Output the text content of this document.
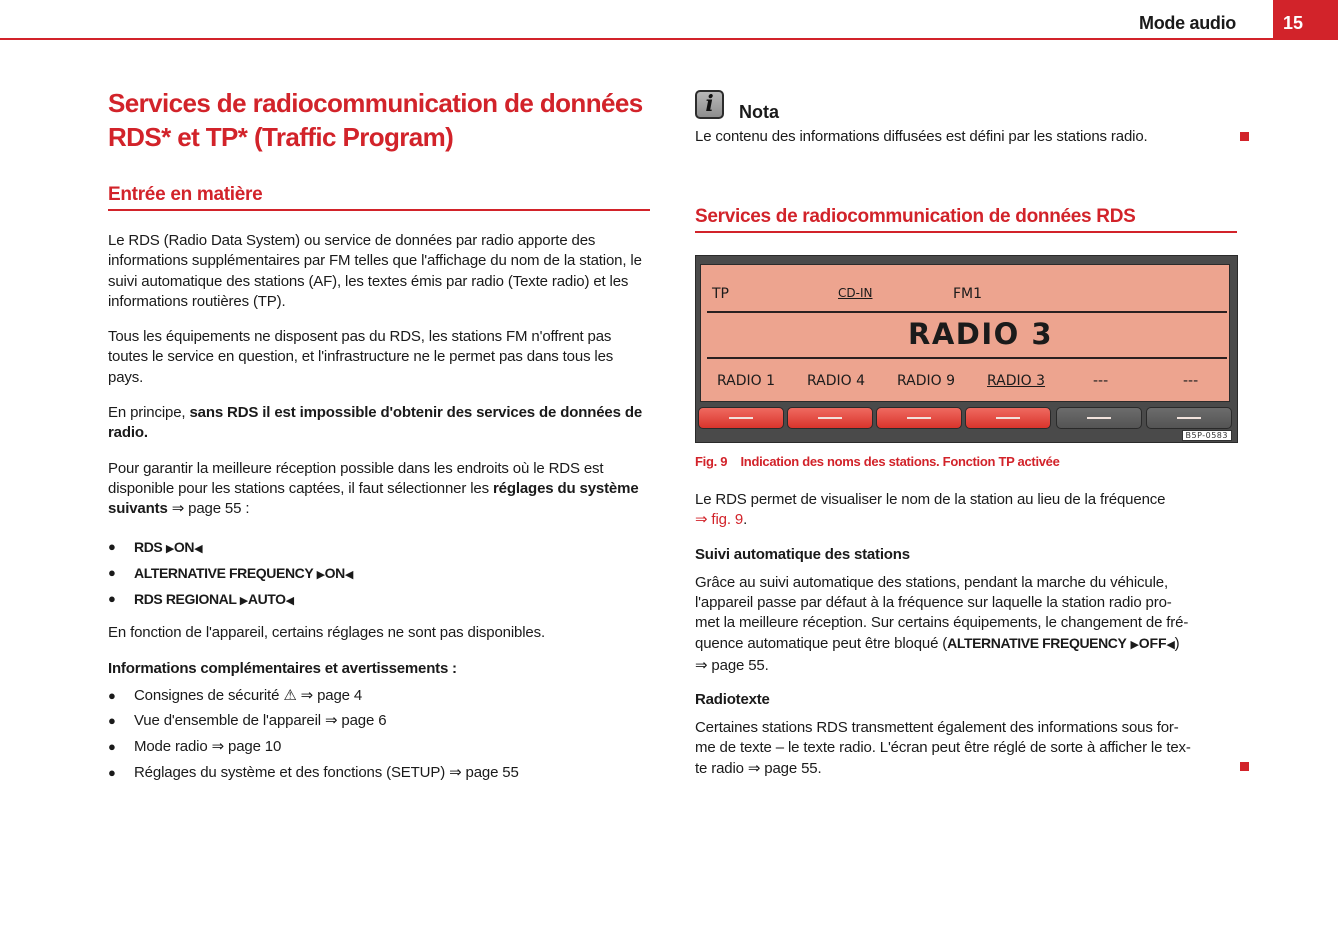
Mode audio	15
Services de radiocommunication de données
RDS* et TP* (Traffic Program)
Entrée en matière

Le RDS (Radio Data System) ou service de données par radio apporte des informations supplémentaires par FM telles que l'affichage du nom de la station, le suivi automatique des stations (AF), les textes émis par radio (Texte radio) et les informations routières (TP).

Tous les équipements ne disposent pas du RDS, les stations FM n'offrent pas toutes le service en question, et l'infrastructure ne le permet pas dans tous les pays.

En principe, sans RDS il est impossible d'obtenir des services de données de radio.

Pour garantir la meilleure réception possible dans les endroits où le RDS est disponible pour les stations captées, il faut sélectionner les réglages du système suivants ⇒ page 55 :

● RDS ▶ON◀
● ALTERNATIVE FREQUENCY ▶ON◀
● RDS REGIONAL ▶AUTO◀

En fonction de l'appareil, certains réglages ne sont pas disponibles.

Informations complémentaires et avertissements :

● Consignes de sécurité ⚠ ⇒ page 4
● Vue d'ensemble de l'appareil ⇒ page 6
● Mode radio ⇒ page 10
● Réglages du système et des fonctions (SETUP) ⇒ page 55
i	Nota

Le contenu des informations diffusées est défini par les stations radio.

Services de radiocommunication de données RDS
TP	CD-IN	FM1
RADIO 3
RADIO 1 RADIO 4 RADIO 9 RADIO 3	---	---
B5P-0583
Fig. 9 Indication des noms des stations. Fonction TP activée

Le RDS permet de visualiser le nom de la station au lieu de la fréquence
⇒ fig. 9.

Suivi automatique des stations

Grâce au suivi automatique des stations, pendant la marche du véhicule,
l'appareil passe par défaut à la fréquence sur laquelle la station radio pro-
met la meilleure réception. Sur certains équipements, le changement de fré-
quence automatique peut être bloqué (ALTERNATIVE FREQUENCY ▶OFF◀)
⇒ page 55.

Radiotexte

Certaines stations RDS transmettent également des informations sous for-
me de texte – le texte radio. L'écran peut être réglé de sorte à afficher le tex-
te radio ⇒ page 55.
